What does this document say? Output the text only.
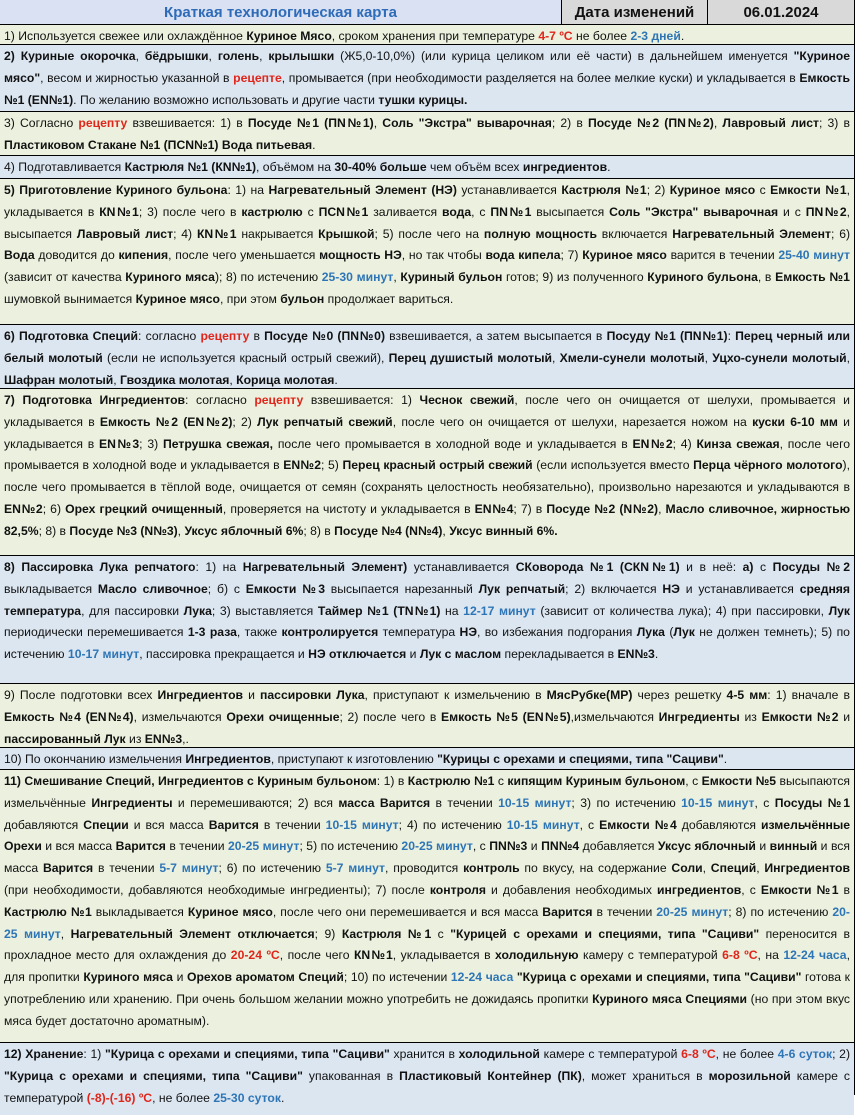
Краткая технологическая карта	Дата изменений	06.01.2024
1) Используется свежее или охлаждённое Куриное Мясо, сроком хранения при температуре 4-7 ºС не более 2-3 дней.
2) Куриные окорочка, бёдрышки, голень, крылышки (Ж5,0-10,0%) (или курица целиком или её части) в дальнейшем именуется "Куриное мясо", весом и жирностью указанной в рецепте, промывается (при необходимости разделяется на более мелкие куски) и укладывается в Емкость №1 (ЕN№1). По желанию возможно использовать и другие части тушки курицы.
3) Согласно рецепту взвешивается: 1) в Посуде №1 (ПN№1), Соль "Экстра" выварочная; 2) в Посуде №2 (ПN№2), Лавровый лист; 3) в Пластиковом Стакане №1 (ПСN№1) Вода питьевая.
4) Подготавливается Кастрюля №1 (КN№1), объёмом на 30-40% больше чем объём всех ингредиентов.
5) Приготовление Куриного бульона: 1) на Нагревательный Элемент (НЭ) устанавливается Кастрюля №1; 2) Куриное мясо с Емкости №1, укладывается в КN№1; 3) после чего в кастрюлю с ПСN№1 заливается вода, с ПN№1 высыпается Соль "Экстра" выварочная и с ПN№2, высыпается Лавровый лист; 4) КN№1 накрывается Крышкой; 5) после чего на полную мощность включается Нагревательный Элемент; 6) Вода доводится до кипения, после чего уменьшается мощность НЭ, но так чтобы вода кипела; 7) Куриное мясо варится в течении 25-40 минут (зависит от качества Куриного мяса); 8) по истечению 25-30 минут, Куриный бульон готов; 9) из полученного Куриного бульона, в Емкость №1 шумовкой вынимается Куриное мясо, при этом бульон продолжает вариться.
6) Подготовка Специй: согласно рецепту в Посуде №0 (ПN№0) взвешивается, а затем высыпается в Посуду №1 (ПN№1): Перец черный или белый молотый (если не используется красный острый свежий), Перец душистый молотый, Хмели-сунели молотый, Уцхо-сунели молотый, Шафран молотый, Гвоздика молотая, Корица молотая.
7) Подготовка Ингредиентов: согласно рецепту взвешивается: 1) Чеснок свежий, после чего он очищается от шелухи, промывается и укладывается в Емкость №2 (ЕN№2); 2) Лук репчатый свежий, после чего он очищается от шелухи, нарезается ножом на куски 6-10 мм и укладывается в ЕN№3; 3) Петрушка свежая, после чего промывается в холодной воде и укладывается в ЕN№2; 4) Кинза свежая, после чего промывается в холодной воде и укладывается в ЕN№2; 5) Перец красный острый свежий (если используется вместо Перца чёрного молотого), после чего промывается в тёплой воде, очищается от семян (сохранять целостность необязательно), произвольно нарезаются и укладываются в ЕN№2; 6) Орех грецкий очищенный, проверяется на чистоту и укладывается в ЕN№4; 7) в Посуде №2 (N№2), Масло сливочное, жирностью 82,5%; 8) в Посуде №3 (N№3), Уксус яблочный 6%; 8) в Посуде №4 (N№4), Уксус винный 6%.
8) Пассировка Лука репчатого: 1) на Нагревательный Элемент) устанавливается СКоворода №1 (СКN№1) и в неё: а) с Посуды №2 выкладывается Масло сливочное; б) с Емкости №3 высыпается нарезанный Лук репчатый; 2) включается НЭ и устанавливается средняя температура, для пассировки Лука; 3) выставляется Таймер №1 (ТN№1) на 12-17 минут (зависит от количества лука); 4) при пассировки, Лук периодически перемешивается 1-3 раза, также контролируется температура НЭ, во избежания подгорания Лука (Лук не должен темнеть); 5) по истечению 10-17 минут, пассировка прекращается и НЭ отключается и Лук с маслом перекладывается в ЕN№3.
9) После подготовки всех Ингредиентов и пассировки Лука, приступают к измельчению в МясРубке(МР) через решетку 4-5 мм: 1) вначале в Емкость №4 (ЕN№4), измельчаются Орехи очищенные; 2) после чего в Емкость №5 (ЕN№5),измельчаются Ингредиенты из Емкости №2 и пассированный Лук из ЕN№3,.
10) По окончанию измельчения Ингредиентов, приступают к изготовлению "Курицы с орехами и специями, типа "Сациви".
11) Смешивание Специй, Ингредиентов с Куриным бульоном: 1) в Кастрюлю №1 с кипящим Куриным бульоном, с Емкости №5 высыпаются измельчённые Ингредиенты и перемешиваются; 2) вся масса Варится в течении 10-15 минут; 3) по истечению 10-15 минут, с Посуды №1 добавляются Специи и вся масса Варится в течении 10-15 минут; 4) по истечению 10-15 минут, с Емкости №4 добавляются измельчённые Орехи и вся масса Варится в течении 20-25 минут; 5) по истечению 20-25 минут, с ПN№3 и ПN№4 добавляется Уксус яблочный и винный и вся масса Варится в течении 5-7 минут; 6) по истечению 5-7 минут, проводится контроль по вкусу, на содержание Соли, Специй, Ингредиентов (при необходимости, добавляются необходимые ингредиенты); 7) после контроля и добавления необходимых ингредиентов, с Емкости №1 в Кастрюлю №1 выкладывается Куриное мясо, после чего они перемешивается и вся масса Варится в течении 20-25 минут; 8) по истечению 20-25 минут, Нагревательный Элемент отключается; 9) Кастрюля №1 с "Курицей с орехами и специями, типа "Сациви" переносится в прохладное место для охлаждения до 20-24 ºС, после чего КN№1, укладывается в холодильную камеру с температурой 6-8 ºС, на 12-24 часа, для пропитки Куриного мяса и Орехов ароматом Специй; 10) по истечении 12-24 часа "Курица с орехами и специями, типа "Сациви" готова к употреблению или хранению. При очень большом желании можно употребить не дожидаясь пропитки Куриного мяса Специями (но при этом вкус мяса будет достаточно ароматным).
12) Хранение: 1) "Курица с орехами и специями, типа "Сациви" хранится в холодильной камере с температурой 6-8 ºС, не более 4-6 суток; 2) "Курица с орехами и специями, типа "Сациви" упакованная в Пластиковый Контейнер (ПК), может храниться в морозильной камере с температурой (-8)-(-16) ºС, не более 25-30 суток.
